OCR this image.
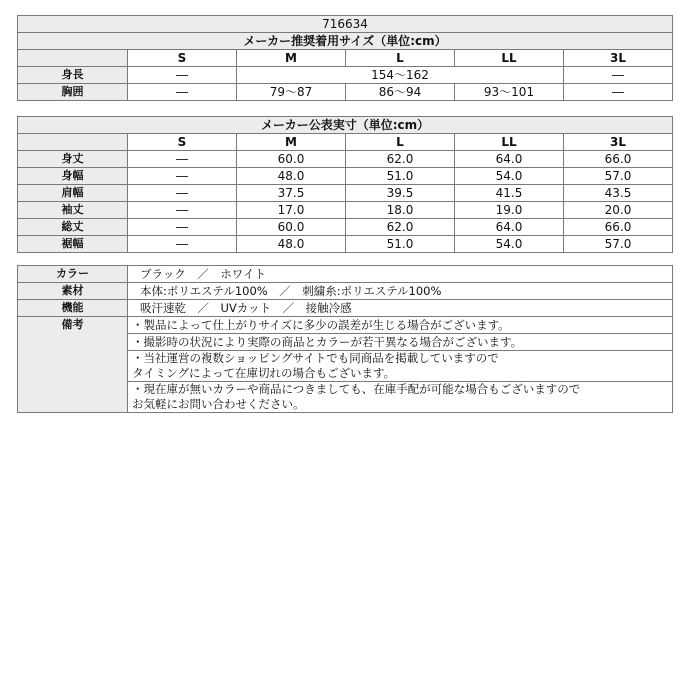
716634					
メーカー推奨着用サイズ（単位:cm）					
	S	M	L	LL	3L
身長	―	154～162			―
胸囲	―	79～87	86～94	93～101	―
メーカー公表実寸（単位:cm）					
	S	M	L	LL	3L
身丈	―	60.0	62.0	64.0	66.0
身幅	―	48.0	51.0	54.0	57.0
肩幅	―	37.5	39.5	41.5	43.5
袖丈	―	17.0	18.0	19.0	20.0
総丈	―	60.0	62.0	64.0	66.0
裾幅	―	48.0	51.0	54.0	57.0
カラー	ブラック　／　ホワイト
素材	本体:ポリエステル100%　／　刺繍糸:ポリエステル100%
機能	吸汗速乾　／　UVカット　／　接触冷感
備考	・製品によって仕上がりサイズに多少の誤差が生じる場合がございます。
	・撮影時の状況により実際の商品とカラーが若干異なる場合がございます。
	・当社運営の複数ショッピングサイトでも同商品を掲載していますので
タイミングによって在庫切れの場合もございます。
	・現在庫が無いカラーや商品につきましても、在庫手配が可能な場合もございますので
お気軽にお問い合わせください。
